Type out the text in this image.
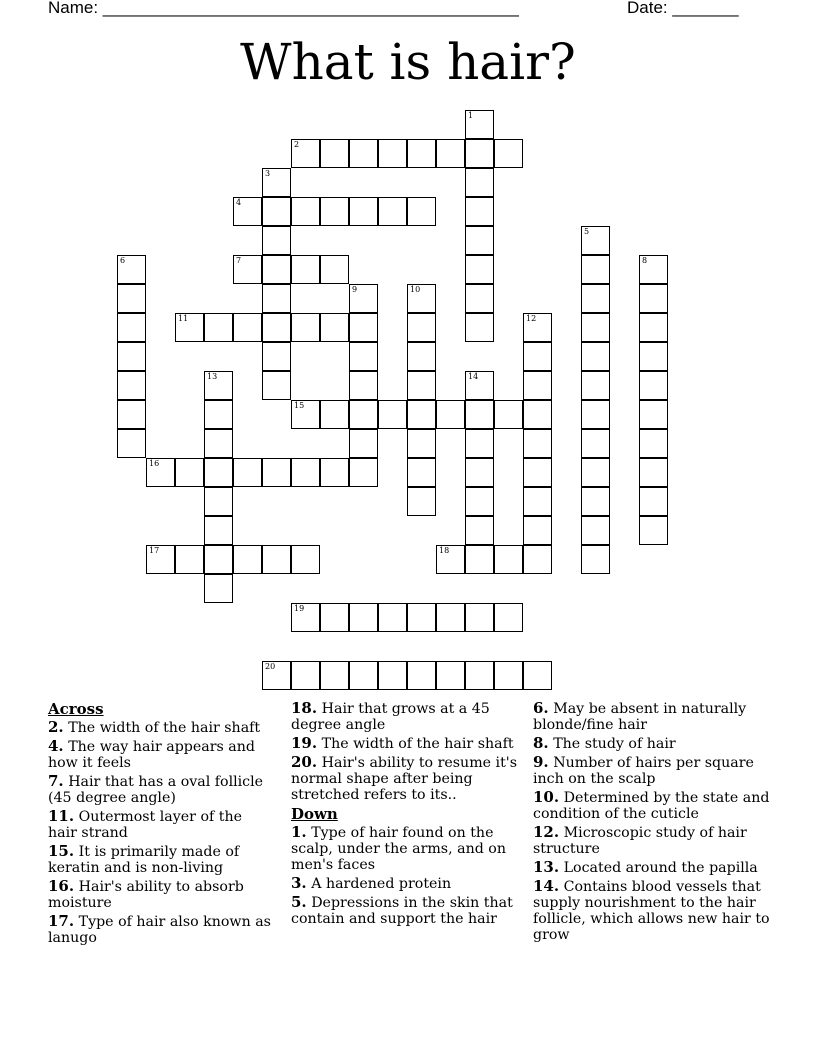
Name: ____________________________________________	Date: _______
What is hair?
1
2
3
4
5
6	7	8
9	10
11	12
13	14
15
16
17	18
19
20
Across
2. The width of the hair shaft
4. The way hair appears and how it feels
7. Hair that has a oval follicle (45 degree angle)
11. Outermost layer of the hair strand
15. It is primarily made of keratin and is non-living
16. Hair's ability to absorb moisture
17. Type of hair also known as lanugo
18. Hair that grows at a 45 degree angle
19. The width of the hair shaft
20. Hair's ability to resume it's normal shape after being stretched refers to its..
Down
1. Type of hair found on the scalp, under the arms, and on men's faces
3. A hardened protein
5. Depressions in the skin that contain and support the hair
6. May be absent in naturally blonde/fine hair
8. The study of hair
9. Number of hairs per square inch on the scalp
10. Determined by the state and condition of the cuticle
12. Microscopic study of hair structure
13. Located around the papilla
14. Contains blood vessels that supply nourishment to the hair follicle, which allows new hair to grow
